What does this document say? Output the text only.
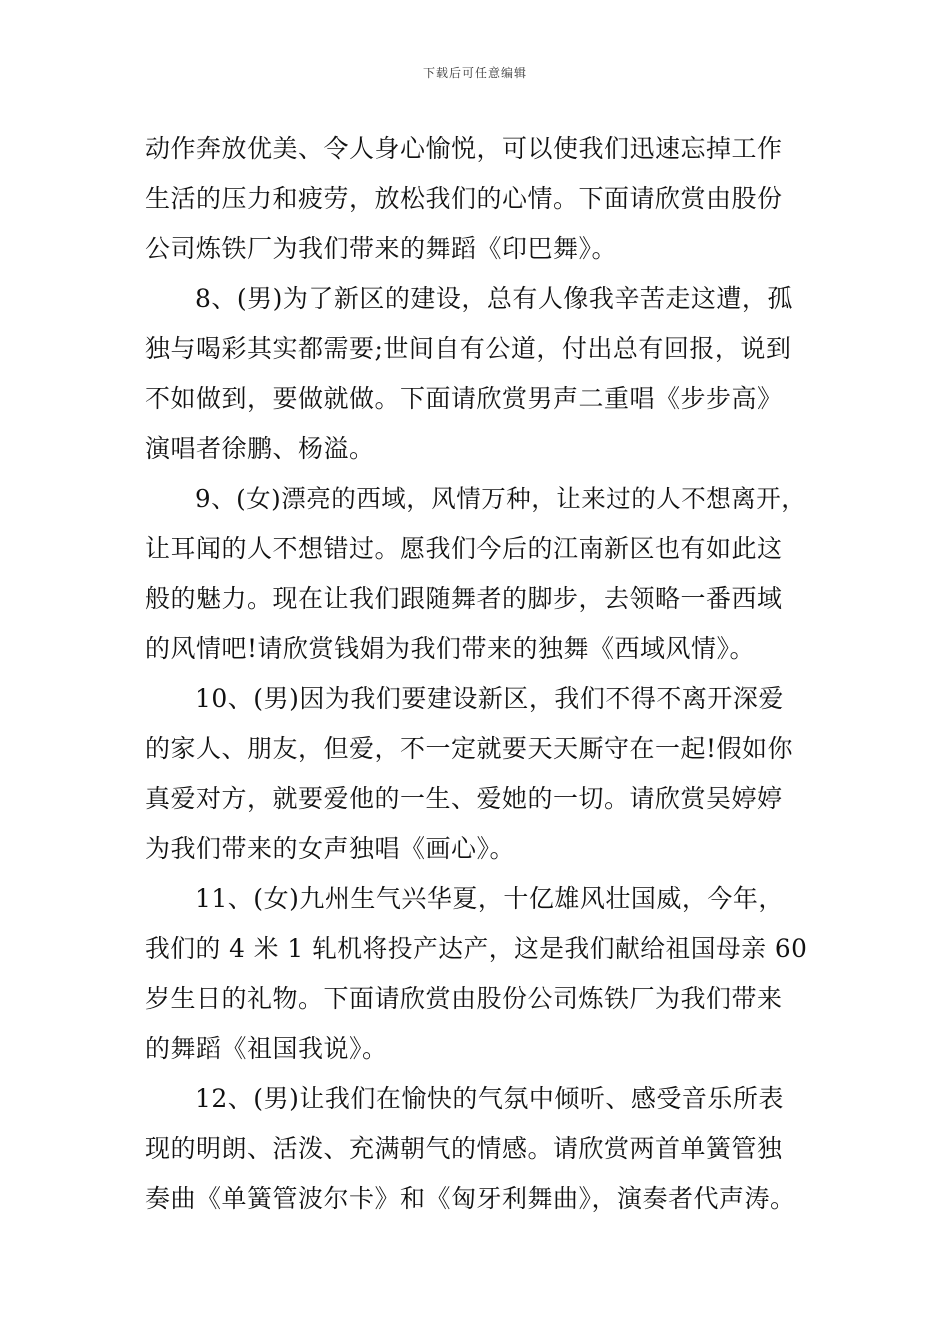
下载后可任意编辑
动作奔放优美、令人身心愉悦，可以使我们迅速忘掉工作
生活的压力和疲劳，放松我们的心情。下面请欣赏由股份
公司炼铁厂为我们带来的舞蹈《印巴舞》。
8、(男)为了新区的建设，总有人像我辛苦走这遭，孤
独与喝彩其实都需要;世间自有公道，付出总有回报，说到
不如做到，要做就做。下面请欣赏男声二重唱《步步高》
演唱者徐鹏、杨溢。
9、(女)漂亮的西域，风情万种，让来过的人不想离开，
让耳闻的人不想错过。愿我们今后的江南新区也有如此这
般的魅力。现在让我们跟随舞者的脚步，去领略一番西域
的风情吧!请欣赏钱娟为我们带来的独舞《西域风情》。
10、(男)因为我们要建设新区，我们不得不离开深爱
的家人、朋友，但爱，不一定就要天天厮守在一起!假如你
真爱对方，就要爱他的一生、爱她的一切。请欣赏吴婷婷
为我们带来的女声独唱《画心》。
11、(女)九州生气兴华夏，十亿雄风壮国威，今年，
我们的 4 米 1 轧机将投产达产，这是我们献给祖国母亲 60
岁生日的礼物。下面请欣赏由股份公司炼铁厂为我们带来
的舞蹈《祖国我说》。
12、(男)让我们在愉快的气氛中倾听、感受音乐所表
现的明朗、活泼、充满朝气的情感。请欣赏两首单簧管独
奏曲《单簧管波尔卡》和《匈牙利舞曲》，演奏者代声涛。
